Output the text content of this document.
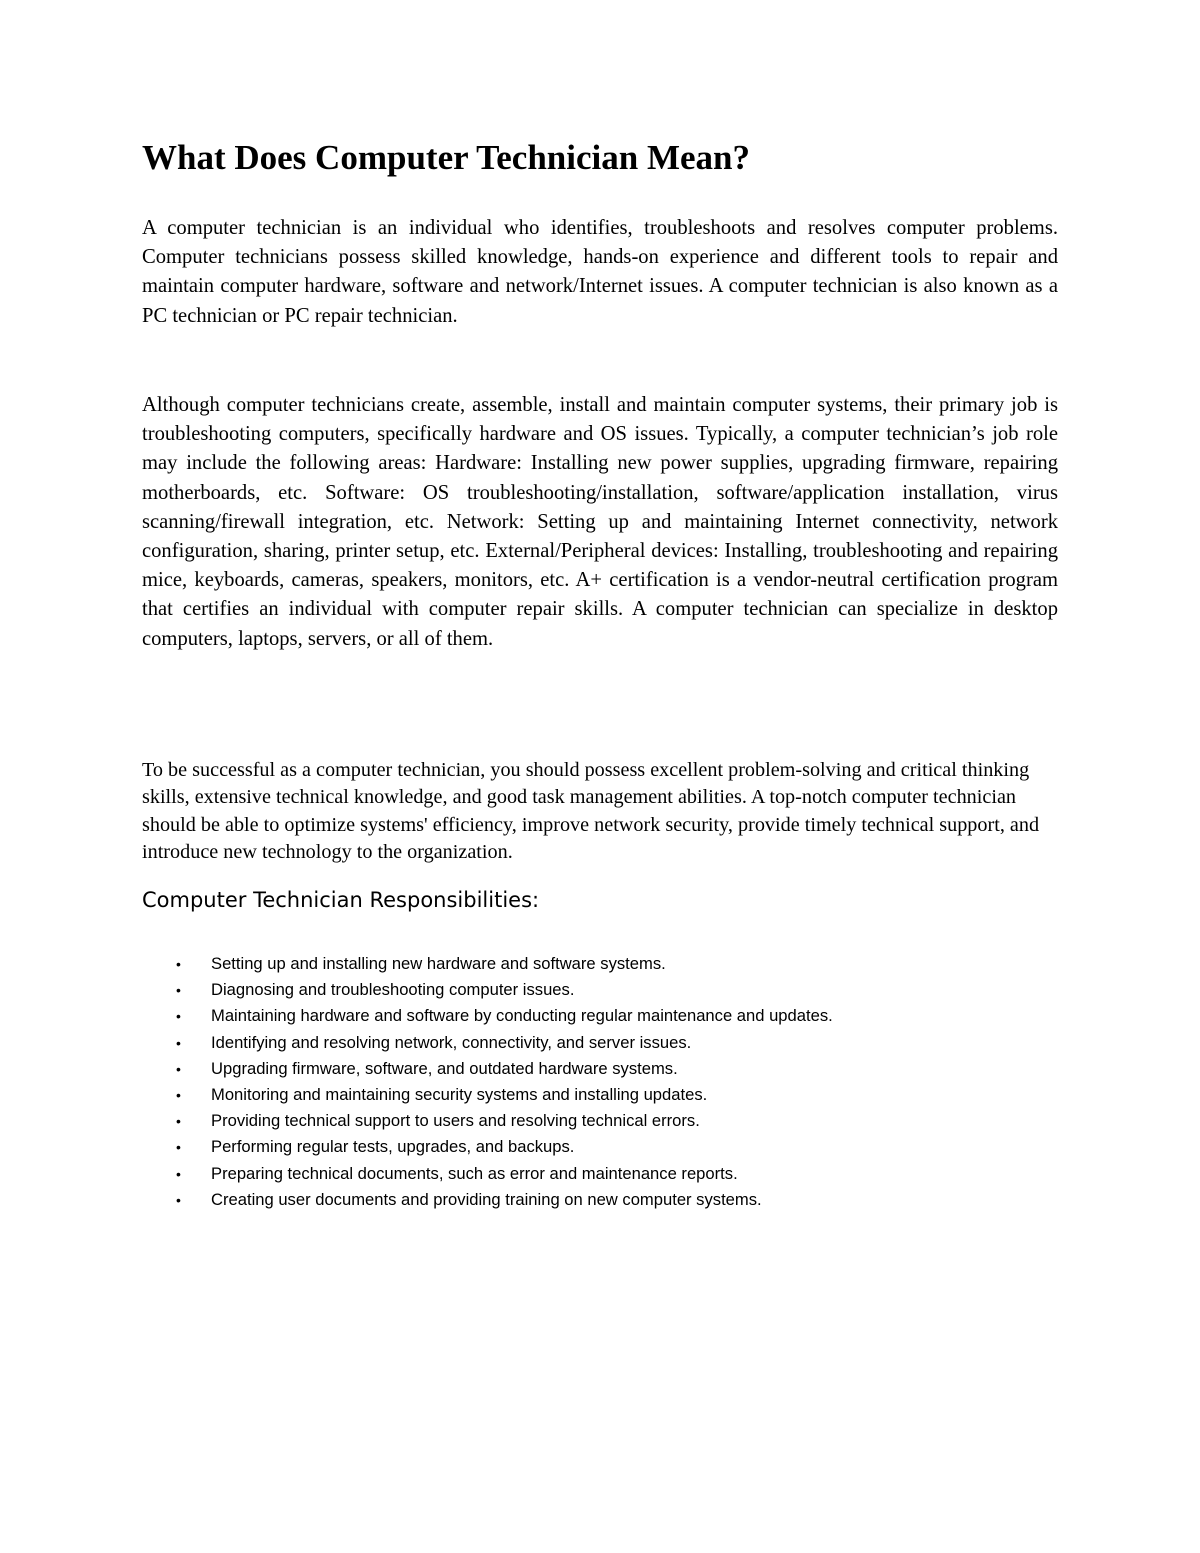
What Does Computer Technician Mean?

A computer technician is an individual who identifies, troubleshoots and resolves computer problems. Computer technicians possess skilled knowledge, hands-on experience and different tools to repair and maintain computer hardware, software and network/Internet issues. A computer technician is also known as a PC technician or PC repair technician.

Although computer technicians create, assemble, install and maintain computer systems, their primary job is troubleshooting computers, specifically hardware and OS issues. Typically, a computer technician’s job role may include the following areas: Hardware: Installing new power supplies, upgrading firmware, repairing motherboards, etc. Software: OS troubleshooting/installation, software/application installation, virus scanning/firewall integration, etc. Network: Setting up and maintaining Internet connectivity, network configuration, sharing, printer setup, etc. External/Peripheral devices: Installing, troubleshooting and repairing mice, keyboards, cameras, speakers, monitors, etc. A+ certification is a vendor-neutral certification program that certifies an individual with computer repair skills. A computer technician can specialize in desktop computers, laptops, servers, or all of them.

To be successful as a computer technician, you should possess excellent problem-solving and critical thinking skills, extensive technical knowledge, and good task management abilities. A top-notch computer technician should be able to optimize systems' efficiency, improve network security, provide timely technical support, and introduce new technology to the organization.

Computer Technician Responsibilities:
• Setting up and installing new hardware and software systems.
• Diagnosing and troubleshooting computer issues.
• Maintaining hardware and software by conducting regular maintenance and updates.
• Identifying and resolving network, connectivity, and server issues.
• Upgrading firmware, software, and outdated hardware systems.
• Monitoring and maintaining security systems and installing updates.
• Providing technical support to users and resolving technical errors.
• Performing regular tests, upgrades, and backups.
• Preparing technical documents, such as error and maintenance reports.
• Creating user documents and providing training on new computer systems.
